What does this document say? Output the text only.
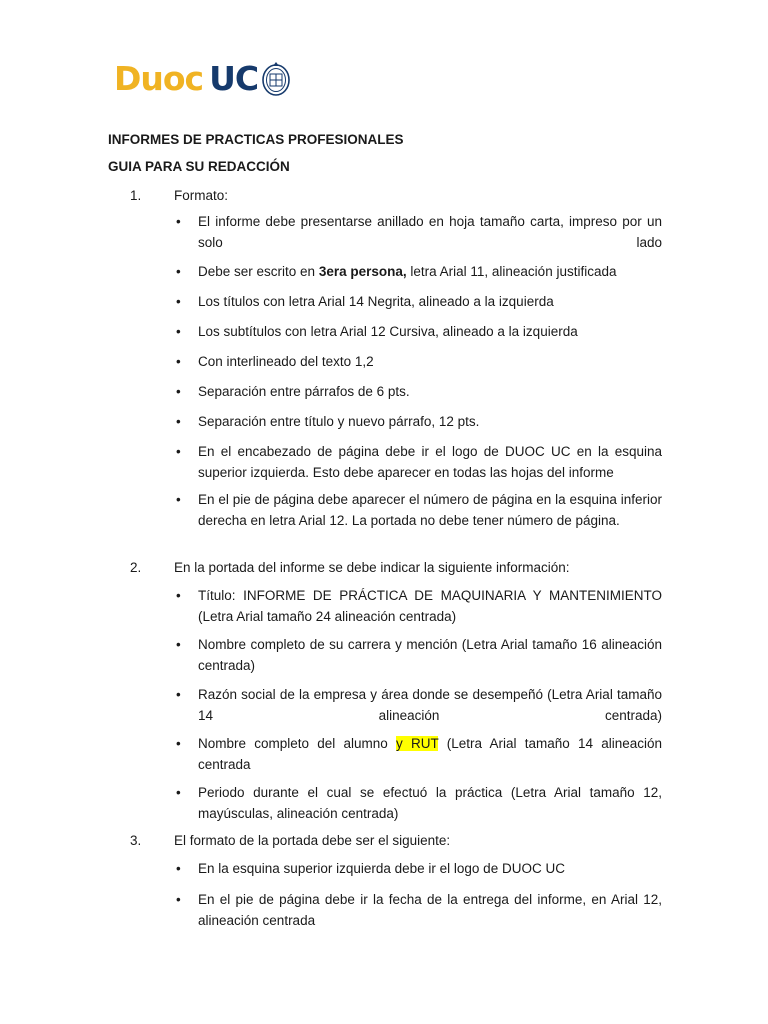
Duoc UC
INFORMES DE PRACTICAS PROFESIONALES
GUIA PARA SU REDACCIÓN
1. Formato:
• El informe debe presentarse anillado en hoja tamaño carta, impreso por un solo lado
• Debe ser escrito en 3era persona, letra Arial 11, alineación justificada
• Los títulos con letra Arial 14 Negrita, alineado a la izquierda
• Los subtítulos con letra Arial 12 Cursiva, alineado a la izquierda
• Con interlineado del texto 1,2
• Separación entre párrafos de 6 pts.
• Separación entre título y nuevo párrafo, 12 pts.
• En el encabezado de página debe ir el logo de DUOC UC en la esquina superior izquierda. Esto debe aparecer en todas las hojas del informe
• En el pie de página debe aparecer el número de página en la esquina inferior derecha en letra Arial 12. La portada no debe tener número de página.
2. En la portada del informe se debe indicar la siguiente información:
• Título: INFORME DE PRÁCTICA DE MAQUINARIA Y MANTENIMIENTO (Letra Arial tamaño 24 alineación centrada)
• Nombre completo de su carrera y mención (Letra Arial tamaño 16 alineación centrada)
• Razón social de la empresa y área donde se desempeñó (Letra Arial tamaño 14 alineación centrada)
• Nombre completo del alumno y RUT (Letra Arial tamaño 14 alineación centrada
• Periodo durante el cual se efectuó la práctica (Letra Arial tamaño 12, mayúsculas, alineación centrada)
3. El formato de la portada debe ser el siguiente:
• En la esquina superior izquierda debe ir el logo de DUOC UC
• En el pie de página debe ir la fecha de la entrega del informe, en Arial 12, alineación centrada
